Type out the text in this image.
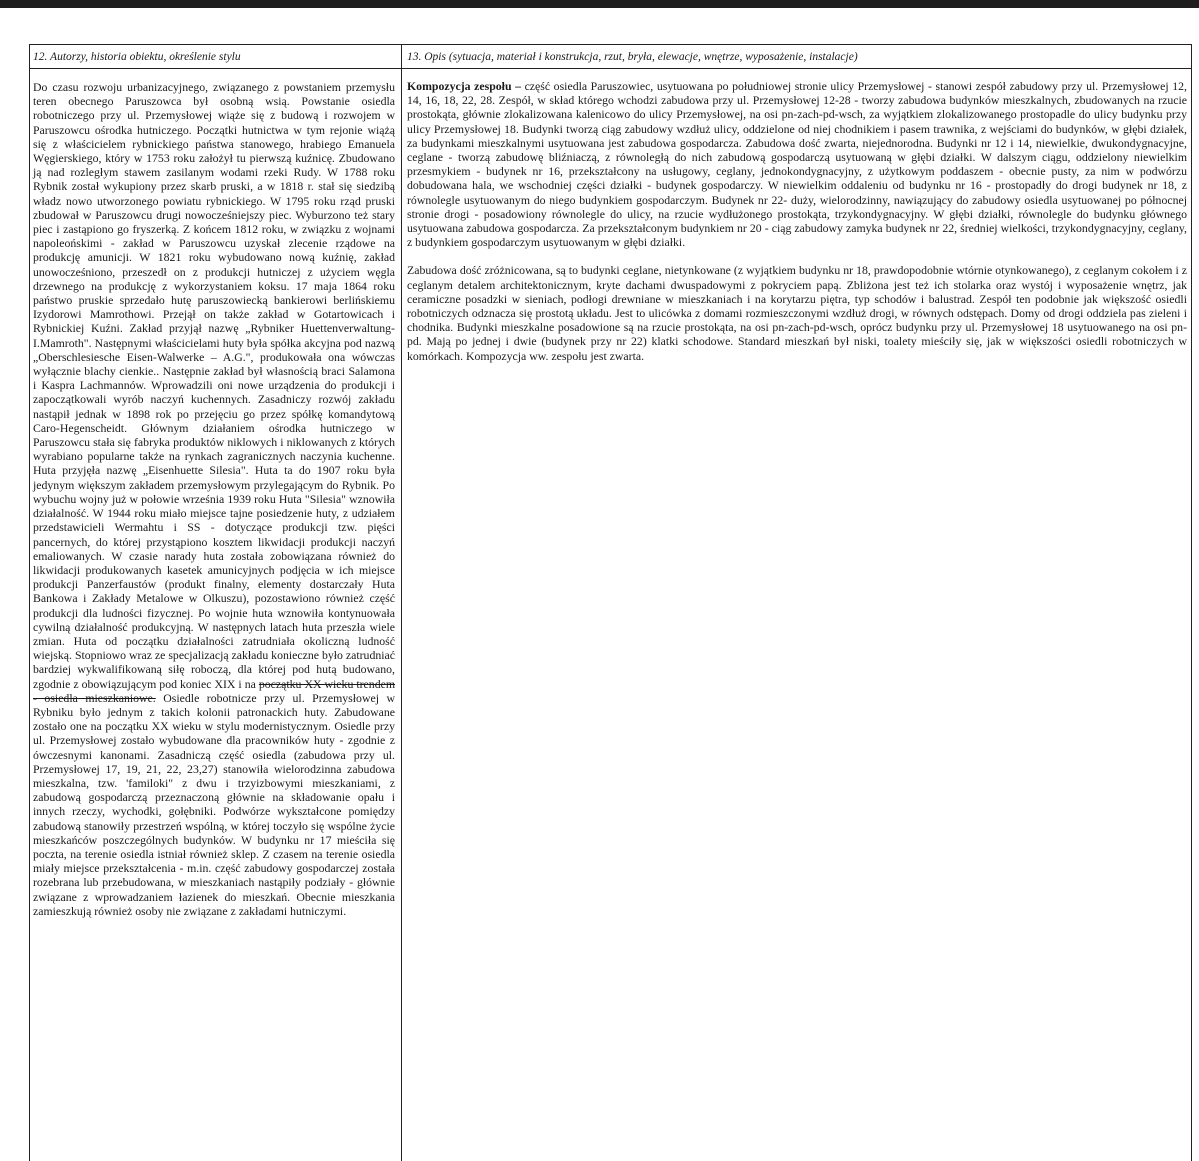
12. Autorzy, historia obiektu, określenie stylu

Do czasu rozwoju urbanizacyjnego, związanego z powstaniem przemysłu teren obecnego Paruszowca był osobną wsią. Powstanie osiedla robotniczego przy ul. Przemysłowej wiąże się z budową i rozwojem w Paruszowcu ośrodka hutniczego. Początki hutnictwa w tym rejonie wiążą się z właścicielem rybnickiego państwa stanowego, hrabiego Emanuela Węgierskiego, który w 1753 roku założył tu pierwszą kuźnicę. Zbudowano ją nad rozległym stawem zasilanym wodami rzeki Rudy. W 1788 roku Rybnik został wykupiony przez skarb pruski, a w 1818 r. stał się siedzibą władz nowo utworzonego powiatu rybnickiego. W 1795 roku rząd pruski zbudował w Paruszowcu drugi nowocześniejszy piec. Wyburzono też stary piec i zastąpiono go fryszerką. Z końcem 1812 roku, w związku z wojnami napoleońskimi - zakład w Paruszowcu uzyskał zlecenie rządowe na produkcję amunicji. W 1821 roku wybudowano nową kuźnię, zakład unowocześniono, przeszedł on z produkcji hutniczej z użyciem węgla drzewnego na produkcję z wykorzystaniem koksu. 17 maja 1864 roku państwo pruskie sprzedało hutę paruszowiecką bankierowi berlińskiemu Izydorowi Mamrothowi. Przejął on także zakład w Gotartowicach i Rybnickiej Kuźni. Zakład przyjął nazwę „Rybniker Huettenverwaltung- I.Mamroth". Następnymi właścicielami huty była spółka akcyjna pod nazwą „Oberschlesiesche Eisen-Walwerke – A.G.", produkowała ona wówczas wyłącznie blachy cienkie.. Następnie zakład był własnością braci Salamona i Kaspra Lachmannów. Wprowadzili oni nowe urządzenia do produkcji i zapoczątkowali wyrób naczyń kuchennych. Zasadniczy rozwój zakładu nastąpił jednak w 1898 rok po przejęciu go przez spółkę komandytową Caro-Hegenscheidt. Głównym działaniem ośrodka hutniczego w Paruszowcu stała się fabryka produktów niklowych i niklowanych z których wyrabiano popularne także na rynkach zagranicznych naczynia kuchenne. Huta przyjęła nazwę „Eisenhuette Silesia". Huta ta do 1907 roku była jedynym większym zakładem przemysłowym przylegającym do Rybnik. Po wybuchu wojny już w połowie września 1939 roku Huta "Silesia" wznowiła działalność. W 1944 roku miało miejsce tajne posiedzenie huty, z udziałem przedstawicieli Wermahtu i SS - dotyczące produkcji tzw. pięści pancernych, do której przystąpiono kosztem likwidacji produkcji naczyń emaliowanych. W czasie narady huta została zobowiązana również do likwidacji produkowanych kasetek amunicyjnych podjęcia w ich miejsce produkcji Panzerfaustów (produkt finalny, elementy dostarczały Huta Bankowa i Zakłady Metalowe w Olkuszu), pozostawiono również część produkcji dla ludności fizycznej. Po wojnie huta wznowiła kontynuowała cywilną działalność produkcyjną. W następnych latach huta przeszła wiele zmian. Huta od początku działalności zatrudniała okoliczną ludność wiejską. Stopniowo wraz ze specjalizacją zakładu konieczne było zatrudniać bardziej wykwalifikowaną siłę roboczą, dla której pod hutą budowano, zgodnie z obowiązującym pod koniec XIX i na początku XX wieku trendem - osiedla mieszkaniowe. Osiedle robotnicze przy ul. Przemysłowej w Rybniku było jednym z takich kolonii patronackich huty. Zabudowane zostało one na początku XX wieku w stylu modernistycznym. Osiedle przy ul. Przemysłowej zostało wybudowane dla pracowników huty - zgodnie z ówczesnymi kanonami. Zasadniczą część osiedla (zabudowa przy ul. Przemysłowej 17, 19, 21, 22, 23,27) stanowiła wielorodzinna zabudowa mieszkalna, tzw. 'familoki" z dwu i trzyizbowymi mieszkaniami, z zabudową gospodarczą przeznaczoną głównie na składowanie opału i innych rzeczy, wychodki, gołębniki. Podwórze wykształcone pomiędzy zabudową stanowiły przestrzeń wspólną, w której toczyło się wspólne życie mieszkańców poszczególnych budynków. W budynku nr 17 mieściła się poczta, na terenie osiedla istniał również sklep. Z czasem na terenie osiedla miały miejsce przekształcenia - m.in. część zabudowy gospodarczej została rozebrana lub przebudowana, w mieszkaniach nastąpiły podziały - głównie związane z wprowadzaniem łazienek do mieszkań. Obecnie mieszkania zamieszkują również osoby nie związane z zakładami hutniczymi.

13. Opis (sytuacja, materiał i konstrukcja, rzut, bryła, elewacje, wnętrze, wyposażenie, instalacje)

Kompozycja zespołu – część osiedla Paruszowiec, usytuowana po południowej stronie ulicy Przemysłowej - stanowi zespół zabudowy przy ul. Przemysłowej 12, 14, 16, 18, 22, 28. Zespół, w skład którego wchodzi zabudowa przy ul. Przemysłowej 12-28 - tworzy zabudowa budynków mieszkalnych, zbudowanych na rzucie prostokąta, głównie zlokalizowana kalenicowo do ulicy Przemysłowej, na osi pn-zach-pd-wsch, za wyjątkiem zlokalizowanego prostopadle do ulicy budynku przy ulicy Przemysłowej 18. Budynki tworzą ciąg zabudowy wzdłuż ulicy, oddzielone od niej chodnikiem i pasem trawnika, z wejściami do budynków, w głębi działek, za budynkami mieszkalnymi usytuowana jest zabudowa gospodarcza. Zabudowa dość zwarta, niejednorodna. Budynki nr 12 i 14, niewielkie, dwukondygnacyjne, ceglane - tworzą zabudowę bliźniaczą, z równoległą do nich zabudową gospodarczą usytuowaną w głębi działki. W dalszym ciągu, oddzielony niewielkim przesmykiem - budynek nr 16, przekształcony na usługowy, ceglany, jednokondygnacyjny, z użytkowym poddaszem - obecnie pusty, za nim w podwórzu dobudowana hala, we wschodniej części działki - budynek gospodarczy. W niewielkim oddaleniu od budynku nr 16 - prostopadły do drogi budynek nr 18, z równolegle usytuowanym do niego budynkiem gospodarczym. Budynek nr 22- duży, wielorodzinny, nawiązujący do zabudowy osiedla usytuowanej po północnej stronie drogi - posadowiony równolegle do ulicy, na rzucie wydłużonego prostokąta, trzykondygnacyjny. W głębi działki, równolegle do budynku głównego usytuowana zabudowa gospodarcza. Za przekształconym budynkiem nr 20 - ciąg zabudowy zamyka budynek nr 22, średniej wielkości, trzykondygnacyjny, ceglany, z budynkiem gospodarczym usytuowanym w głębi działki.

Zabudowa dość zróżnicowana, są to budynki ceglane, nietynkowane (z wyjątkiem budynku nr 18, prawdopodobnie wtórnie otynkowanego), z ceglanym cokołem i z ceglanym detalem architektonicznym, kryte dachami dwuspadowymi z pokryciem papą. Zbliżona jest też ich stolarka oraz wystój i wyposażenie wnętrz, jak ceramiczne posadzki w sieniach, podłogi drewniane w mieszkaniach i na korytarzu piętra, typ schodów i balustrad. Zespół ten podobnie jak większość osiedli robotniczych odznacza się prostotą układu. Jest to ulicówka z domami rozmieszczonymi wzdłuż drogi, w równych odstępach. Domy od drogi oddziela pas zieleni i chodnika. Budynki mieszkalne posadowione są na rzucie prostokąta, na osi pn-zach-pd-wsch, oprócz budynku przy ul. Przemysłowej 18 usytuowanego na osi pn-pd. Mają po jednej i dwie (budynek przy nr 22) klatki schodowe. Standard mieszkań był niski, toalety mieściły się, jak w większości osiedli robotniczych w komórkach. Kompozycja ww. zespołu jest zwarta.
